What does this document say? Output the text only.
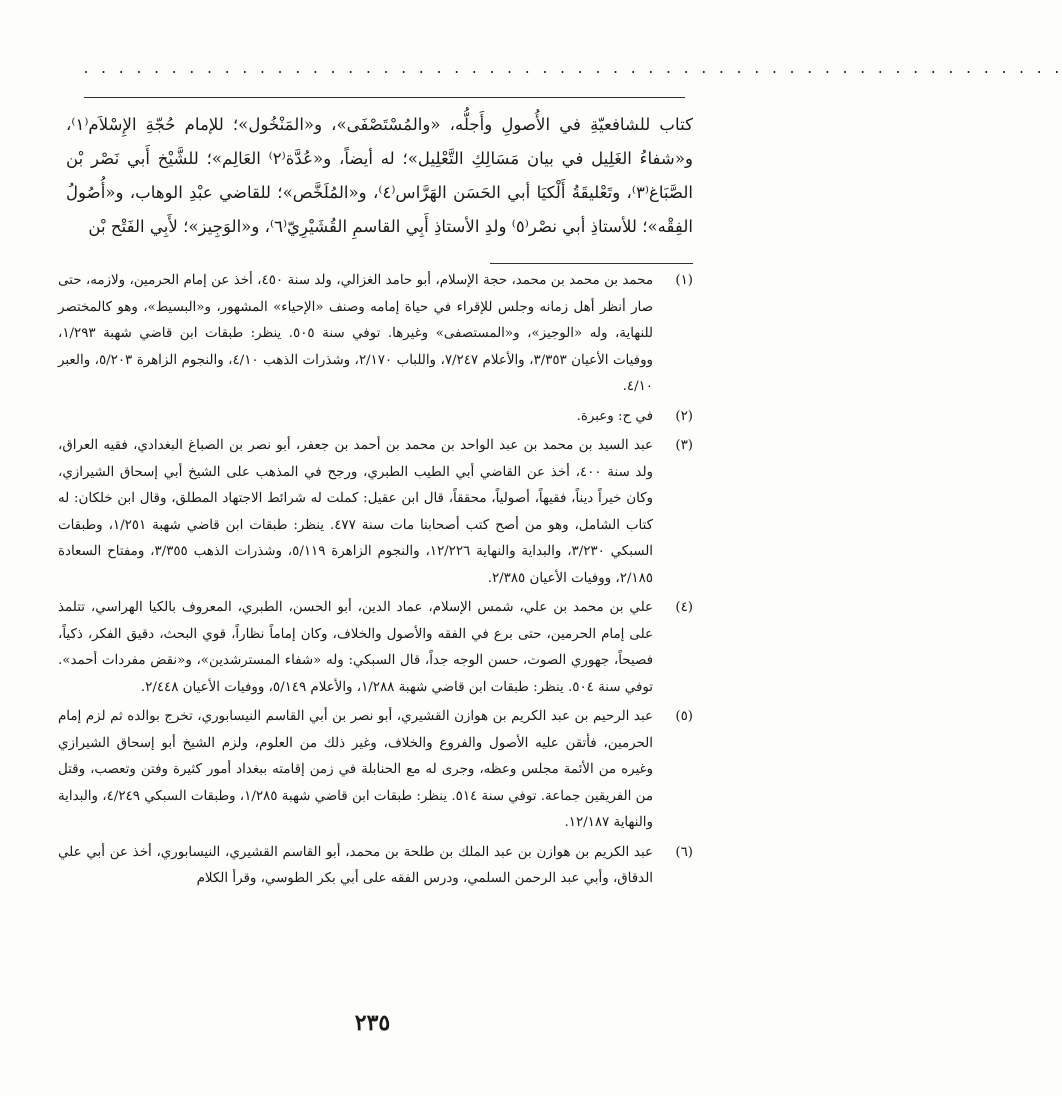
. . . . . . . . . . . . . . . . . . . . . . . . . . . . . . . . . . . . . . . . . . . . . . . . . . . . . . . .

كتاب للشافعيّةِ في الأُصولِ وأَجلُّه، «والمُسْتَصْفَى»، و«المَنْخُول»؛ للإمام حُجّةِ الإِسْلاَم⁽١⁾، و«شفاءُ الغَلِيل في بيان مَسَالِكِ التَّعْلِيل»؛ له أيضاً، و«عُدَّة⁽٢⁾ العَالِم»؛ للشَّيْخ أَبي نَصْر بْن الصَّبَاغ⁽٣⁾، وتَعْليقَةُ أَلْكيَا أبي الحَسَن الهَرَّاس⁽٤⁾، و«المُلَخَّص»؛ للقاضي عبْدِ الوهاب، و«أُصُولُ الفِقْه»؛ للأستاذِ أبي نصْر⁽٥⁾ ولدِ الأستاذِ أَبِي القاسمِ القُشَيْرِيّ⁽٦⁾، و«الوَجِيز»؛ لأَبِي الفَتْح بْن

(١)
محمد بن محمد بن محمد، حجة الإسلام، أبو حامد الغزالي، ولد سنة ٤٥٠، أخذ عن إمام الحرمين، ولازمه، حتى صار أنظر أهل زمانه وجلس للإقراء في حياة إمامه وصنف «الإحياء» المشهور، و«البسيط»، وهو كالمختصر للنهاية، وله «الوجيز»، و«المستصفى» وغيرها. توفي سنة ٥٠٥. ينظر: طبقات ابن قاضي شهبة ١/٢٩٣، ووفيات الأعيان ٣/٣٥٣، والأعلام ٧/٢٤٧، واللباب ٢/١٧٠، وشذرات الذهب ٤/١٠، والنجوم الزاهرة ٥/٢٠٣، والعبر ٤/١٠.
(٢)
في ح: وعبرة.
(٣)
عبد السيد بن محمد بن عبد الواحد بن محمد بن أحمد بن جعفر، أبو نصر بن الصباغ البغدادي، فقيه العراق، ولد سنة ٤٠٠، أخذ عن القاضي أبي الطيب الطبري، ورجح في المذهب على الشيخ أبي إسحاق الشيرازي، وكان خيراً ديناً، فقيهاً، أصولياً، محققاً، قال ابن عقيل: كملت له شرائط الاجتهاد المطلق، وقال ابن خلكان: له كتاب الشامل، وهو من أصح كتب أصحابنا مات سنة ٤٧٧. ينظر: طبقات ابن قاضي شهبة ١/٢٥١، وطبقات السبكي ٣/٢٣٠، والبداية والنهاية ١٢/٢٢٦، والنجوم الزاهرة ٥/١١٩، وشذرات الذهب ٣/٣٥٥، ومفتاح السعادة ٢/١٨٥، ووفيات الأعيان ٢/٣٨٥.
(٤)
علي بن محمد بن علي، شمس الإسلام، عماد الدين، أبو الحسن، الطبري، المعروف بالكيا الهراسي، تتلمذ على إمام الحرمين، حتى برع في الفقه والأصول والخلاف، وكان إماماً نظاراً، قوي البحث، دقيق الفكر، ذكياً، فصيحاً، جهوري الصوت، حسن الوجه جداً، قال السبكي: وله «شفاء المسترشدين»، و«نقض مفردات أحمد». توفي سنة ٥٠٤. ينظر: طبقات ابن قاضي شهبة ١/٢٨٨، والأعلام ٥/١٤٩، ووفيات الأعيان ٢/٤٤٨.
(٥)
عبد الرحيم بن عبد الكريم بن هوازن القشيري، أبو نصر بن أبي القاسم النيسابوري، تخرج بوالده ثم لزم إمام الحرمين، فأتقن عليه الأصول والفروع والخلاف، وغير ذلك من العلوم، ولزم الشيخ أبو إسحاق الشيرازي وغيره من الأئمة مجلس وعظه، وجرى له مع الحنابلة في زمن إقامته ببغداد أمور كثيرة وفتن وتعصب، وقتل من الفريقين جماعة. توفي سنة ٥١٤. ينظر: طبقات ابن قاضي شهبة ١/٢٨٥، وطبقات السبكي ٤/٢٤٩، والبداية والنهاية ١٢/١٨٧.
(٦)
عبد الكريم بن هوازن بن عبد الملك بن طلحة بن محمد، أبو القاسم القشيري، النيسابوري، أخذ عن أبي علي الدقاق، وأبي عبد الرحمن السلمي، ودرس الفقه على أبي بكر الطوسي، وقرأ الكلام
٢٣٥
